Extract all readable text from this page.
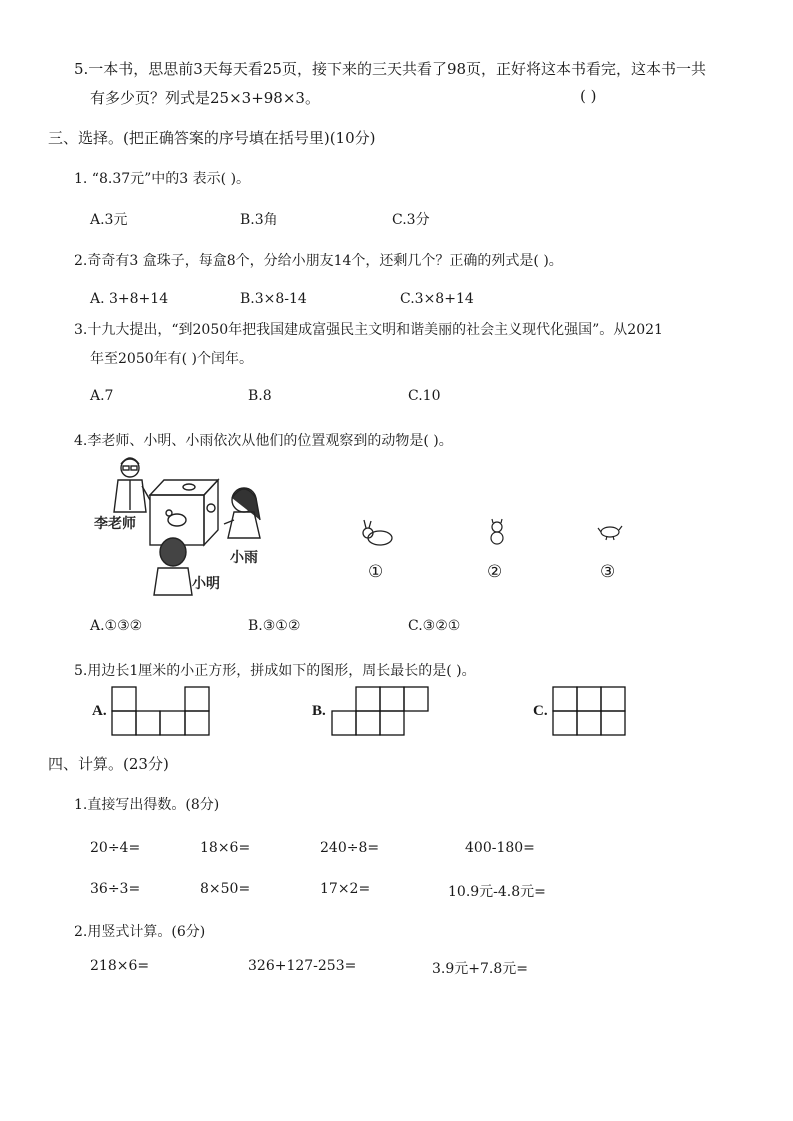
5.一本书，思思前3天每天看25页，接下来的三天共看了98页，正好将这本书看完，这本书一共
有多少页？列式是25×3+98×3。	( )
三、选择。(把正确答案的序号填在括号里)(10分)
1. “8.37元”中的3 表示( )。
A.3元	B.3角	C.3分
2.奇奇有3 盒珠子，每盒8个，分给小朋友14个，还剩几个？正确的列式是( )。
A. 3+8+14	B.3×8-14	C.3×8+14
3.十九大提出，“到2050年把我国建成富强民主文明和谐美丽的社会主义现代化强国”。从2021
年至2050年有( )个闰年。
A.7	B.8	C.10
4.李老师、小明、小雨依次从他们的位置观察到的动物是( )。
李老师
小明
小雨
①	②	③
A.①③②	B.③①②	C.③②①
5.用边长1厘米的小正方形，拼成如下的图形，周长最长的是( )。
A.	B.	C.
四、计算。(23分)
1.直接写出得数。(8分)
20÷4=	18×6=	240÷8=	400-180=
36÷3=	8×50=	17×2=	10.9元-4.8元=
2.用竖式计算。(6分)
218×6=	326+127-253=	3.9元+7.8元=
